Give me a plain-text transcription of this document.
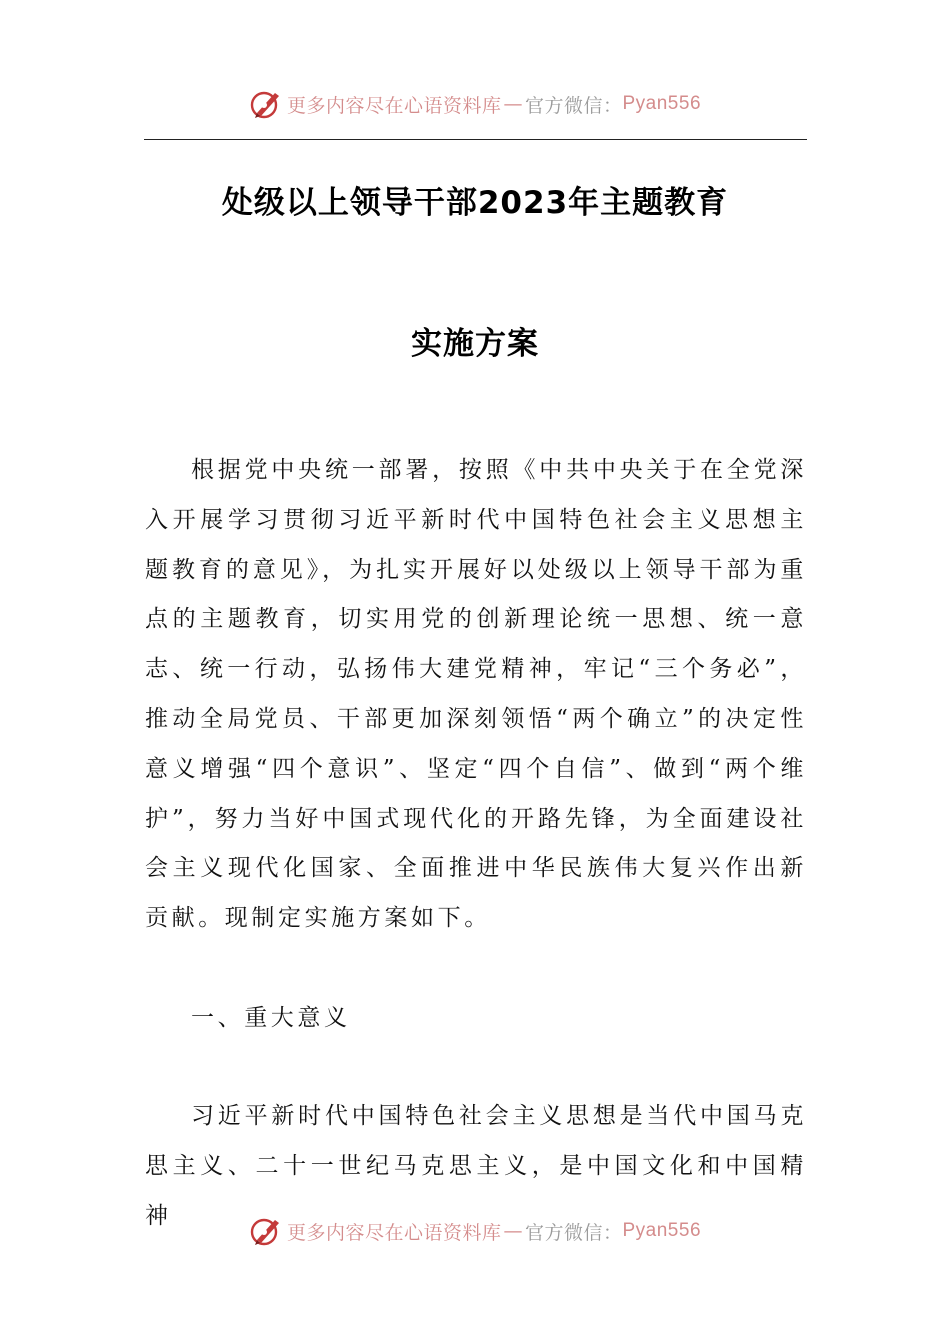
更多内容尽在心语资料库 — 官方微信： Pyan556
处级以上领导干部2023年主题教育
实施方案

根据党中央统一部署，按照《中共中央关于在全党深入开展学习贯彻习近平新时代中国特色社会主义思想主题教育的意见》，为扎实开展好以处级以上领导干部为重点的主题教育，切实用党的创新理论统一思想、统一意志、统一行动，弘扬伟大建党精神，牢记“三个务必”，推动全局党员、干部更加深刻领悟“两个确立”的决定性意义增强“四个意识”、坚定“四个自信”、做到“两个维护”，努力当好中国式现代化的开路先锋，为全面建设社会主义现代化国家、全面推进中华民族伟大复兴作出新贡献。现制定实施方案如下。

一、重大意义

习近平新时代中国特色社会主义思想是当代中国马克思主义、二十一世纪马克思主义，是中国文化和中国精神

更多内容尽在心语资料库 — 官方微信： Pyan556
